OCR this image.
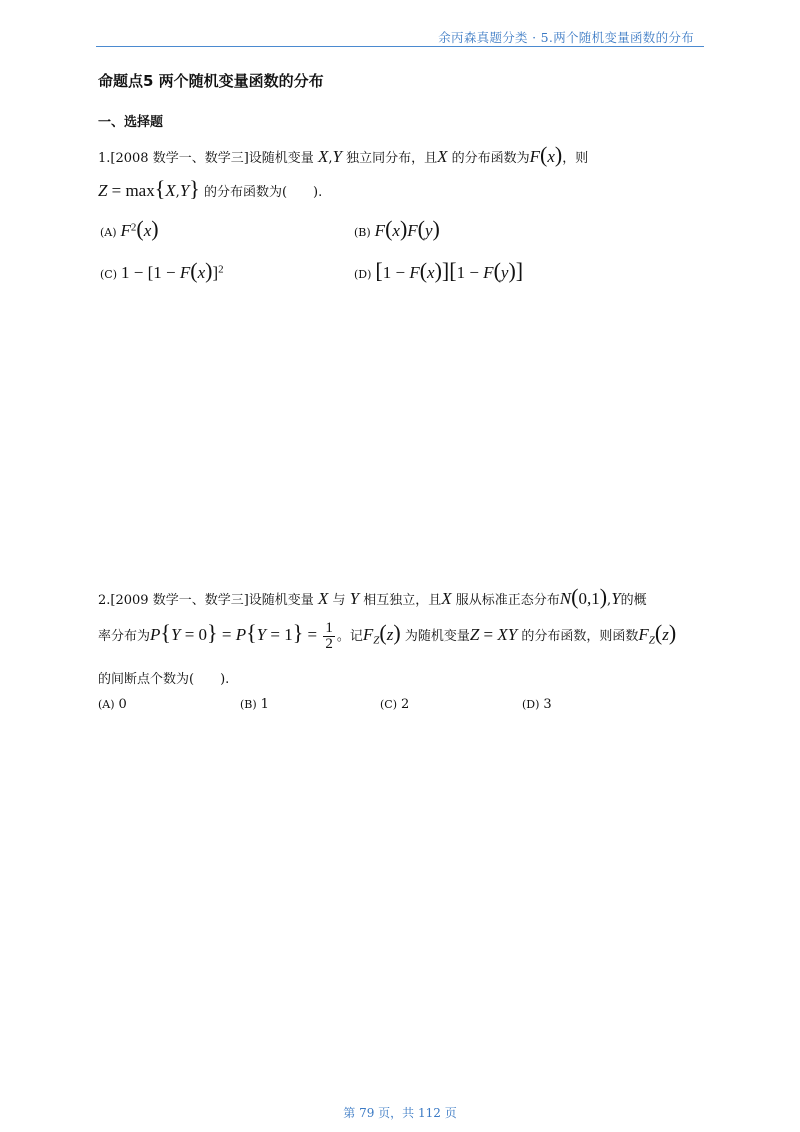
余丙森真题分类 · 5.两个随机变量函数的分布
命题点5 两个随机变量函数的分布
一、选择题
1.[2008 数学一、数学三]设随机变量 X,Y 独立同分布，且X 的分布函数为F(x)，则
Z = max{X,Y} 的分布函数为(　　).
(A) $F^2(x)$	(B) F(x)F(y)
(C) $1 - [1 - F(x)]^2$	(D) [1 − F(x)][1 − F(y)]
2.[2009 数学一、数学三]设随机变量 X 与 Y 相互独立，且X 服从标准正态分布N(0,1),Y的概
率分布为$P\{Y = 0\} = P\{Y = 1\} = \frac{1}{2}$ 。记$F_Z(z)$ 为随机变量Z = XY 的分布函数，则函数$F_Z(z)$
的间断点个数为(　　).
(A) 0	(B) 1	(C) 2	(D) 3
第 79 页，共 112 页
